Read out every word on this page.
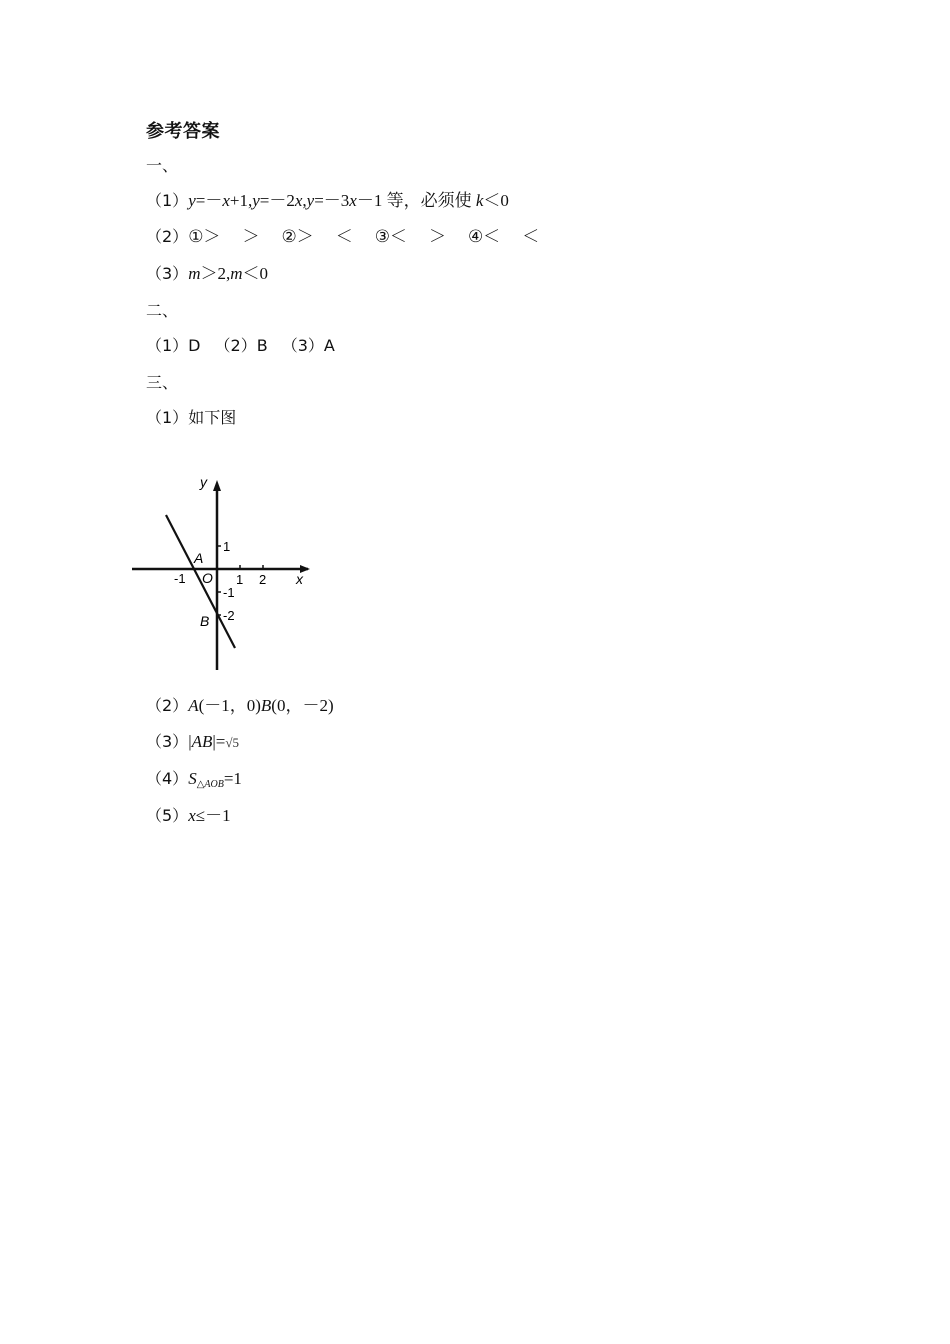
参考答案
一、
（1）y=－x+1,y=－2x,y=－3x－1 等，必须使 k＜0
（2）①＞ ＞ ②＞ ＜ ③＜ ＞ ④＜ ＜
（3）m＞2,m＜0
二、
（1）D （2）B （3）A
三、
（1）如下图
y
x
O
-1	1 2
1
-1
-2
A
B
（2）A(－1，0)B(0，－2)
（3）|AB|=√5
$(4)S_{\triangle AOB}=1$
（5）x≤－1
